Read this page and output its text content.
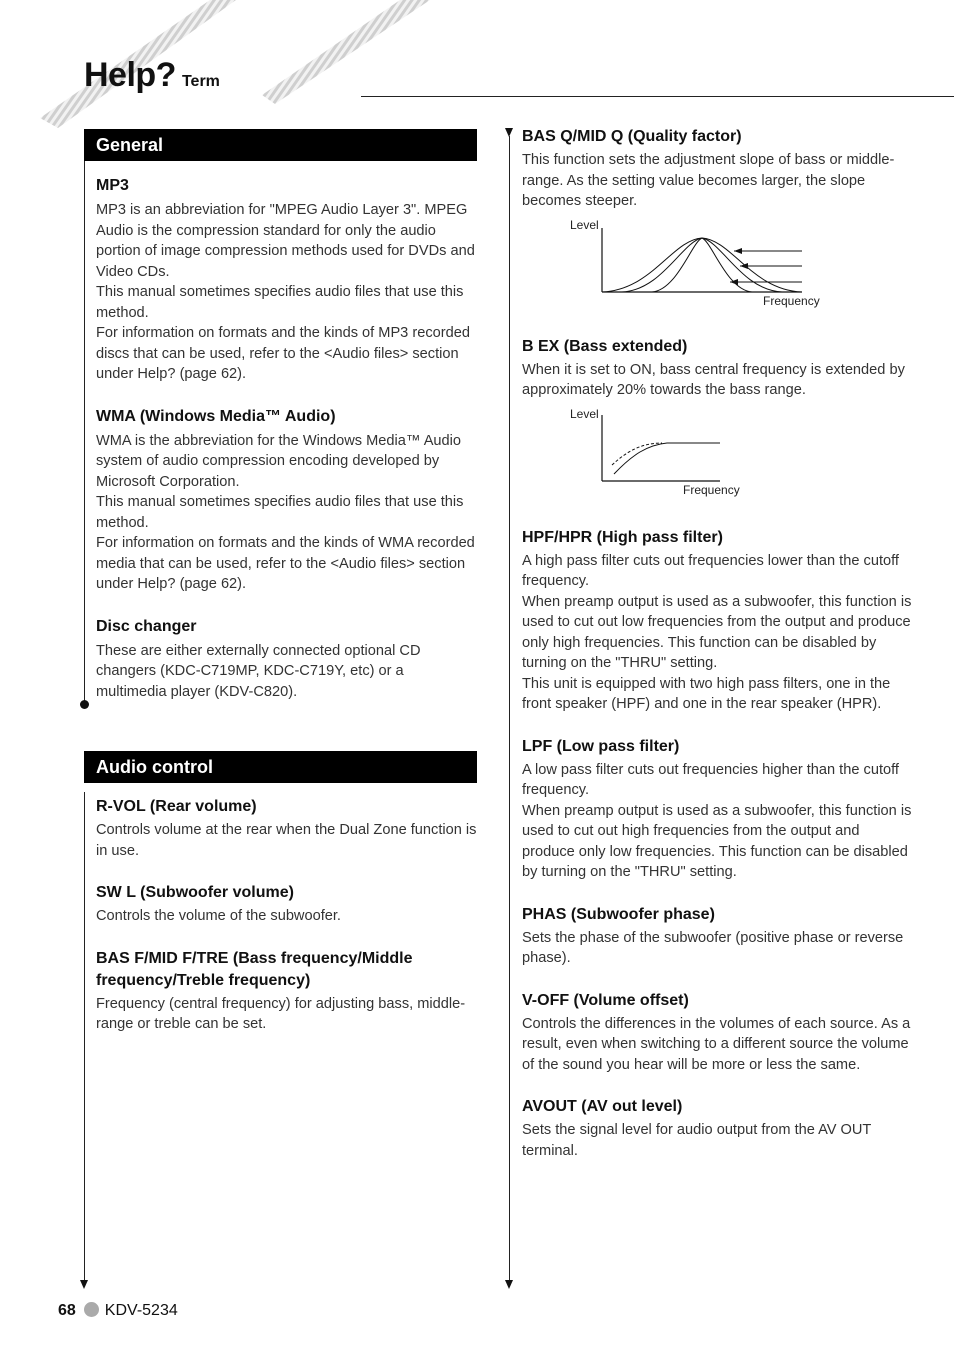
Help? Term
General
MP3

MP3 is an abbreviation for "MPEG Audio Layer 3". MPEG Audio is the compression standard for only the audio portion of image compression methods used for DVDs and Video CDs.

This manual sometimes specifies audio files that use this method.

For information on formats and the kinds of MP3 recorded discs that can be used, refer to the <Audio files> section under Help? (page 62).

WMA (Windows Media™ Audio)

WMA is the abbreviation for the Windows Media™ Audio system of audio compression encoding developed by Microsoft Corporation.

This manual sometimes specifies audio files that use this method.

For information on formats and the kinds of WMA recorded media that can be used, refer to the <Audio files> section under Help? (page 62).

Disc changer

These are either externally connected optional CD changers (KDC-C719MP, KDC-C719Y, etc) or a multimedia player (KDV-C820).

Audio control
R-VOL (Rear volume)

Controls volume at the rear when the Dual Zone function is in use.

SW L (Subwoofer volume)

Controls the volume of the subwoofer.

BAS F/MID F/TRE (Bass frequency/Middle frequency/Treble frequency)

Frequency (central frequency) for adjusting bass, middle-range or treble can be set.

BAS Q/MID Q (Quality factor)

This function sets the adjustment slope of bass or middle-range. As the setting value becomes larger, the slope becomes steeper.

Level
Frequency
B EX (Bass extended)

When it is set to ON, bass central frequency is extended by approximately 20% towards the bass range.

Level
Frequency
HPF/HPR (High pass filter)

A high pass filter cuts out frequencies lower than the cutoff frequency.

When preamp output is used as a subwoofer, this function is used to cut out low frequencies from the output and produce only high frequencies. This function can be disabled by turning on the "THRU" setting.

This unit is equipped with two high pass filters, one in the front speaker (HPF) and one in the rear speaker (HPR).

LPF (Low pass filter)

A low pass filter cuts out frequencies higher than the cutoff frequency.

When preamp output is used as a subwoofer, this function is used to cut out high frequencies from the output and produce only low frequencies. This function can be disabled by turning on the "THRU" setting.

PHAS (Subwoofer phase)

Sets the phase of the subwoofer (positive phase or reverse phase).

V-OFF (Volume offset)

Controls the differences in the volumes of each source. As a result, even when switching to a different source the volume of the sound you hear will be more or less the same.

AVOUT (AV out level)

Sets the signal level for audio output from the AV OUT terminal.

68 KDV-5234
